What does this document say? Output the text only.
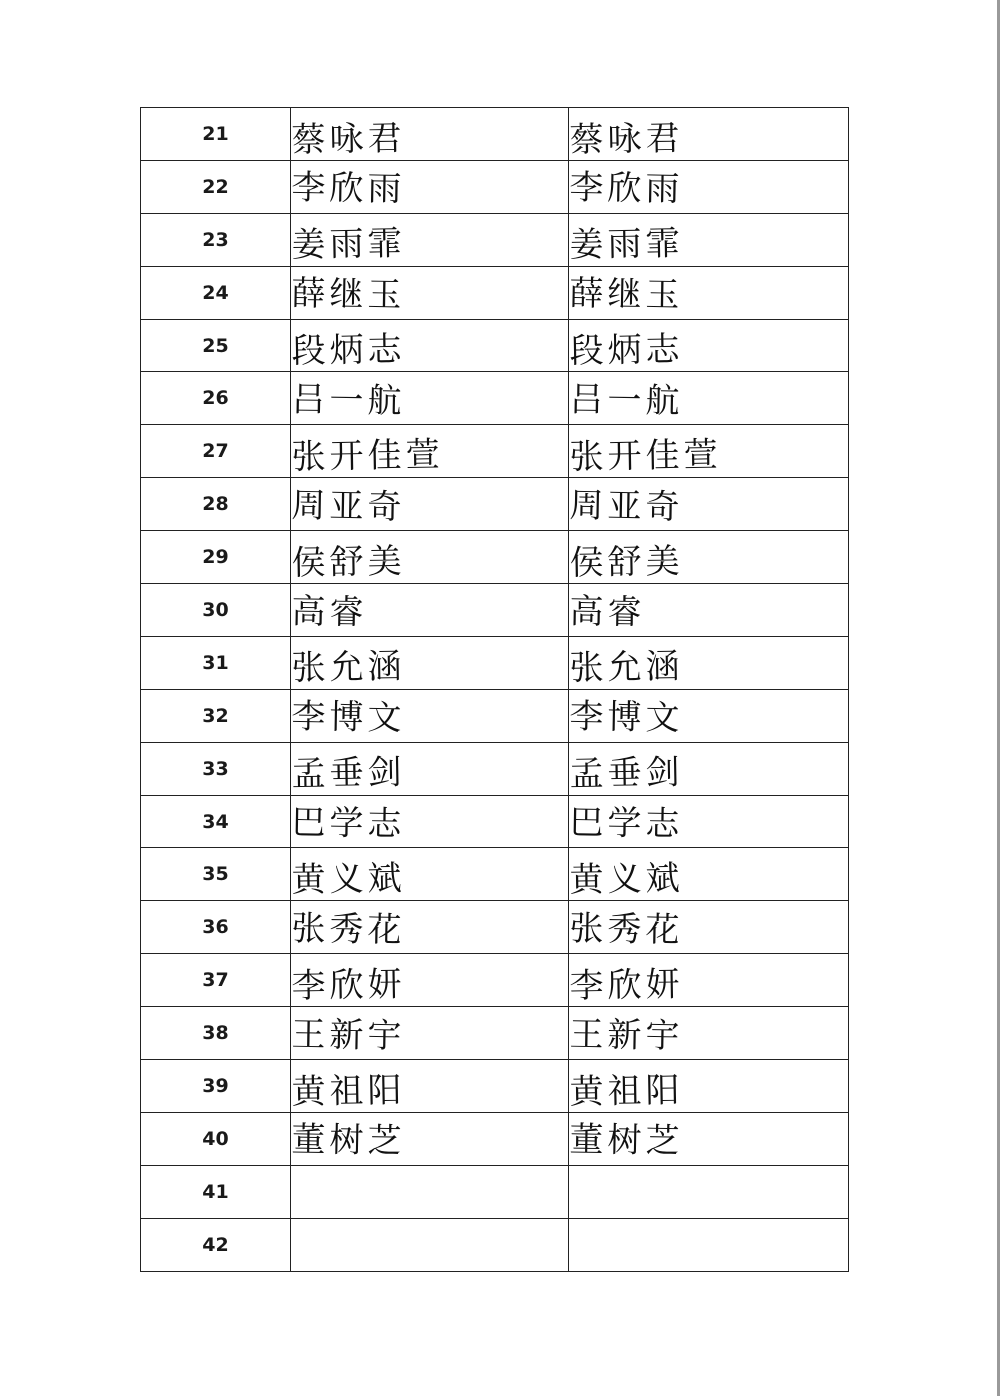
21	蔡咏君	蔡咏君
22	李欣雨	李欣雨
23	姜雨霏	姜雨霏
24	薛继玉	薛继玉
25	段炳志	段炳志
26	吕一航	吕一航
27	张开佳萱	张开佳萱
28	周亚奇	周亚奇
29	侯舒美	侯舒美
30	高睿	高睿
31	张允涵	张允涵
32	李博文	李博文
33	孟垂剑	孟垂剑
34	巴学志	巴学志
35	黄义斌	黄义斌
36	张秀花	张秀花
37	李欣妍	李欣妍
38	王新宇	王新宇
39	黄祖阳	黄祖阳
40	董树芝	董树芝
41		
42		
